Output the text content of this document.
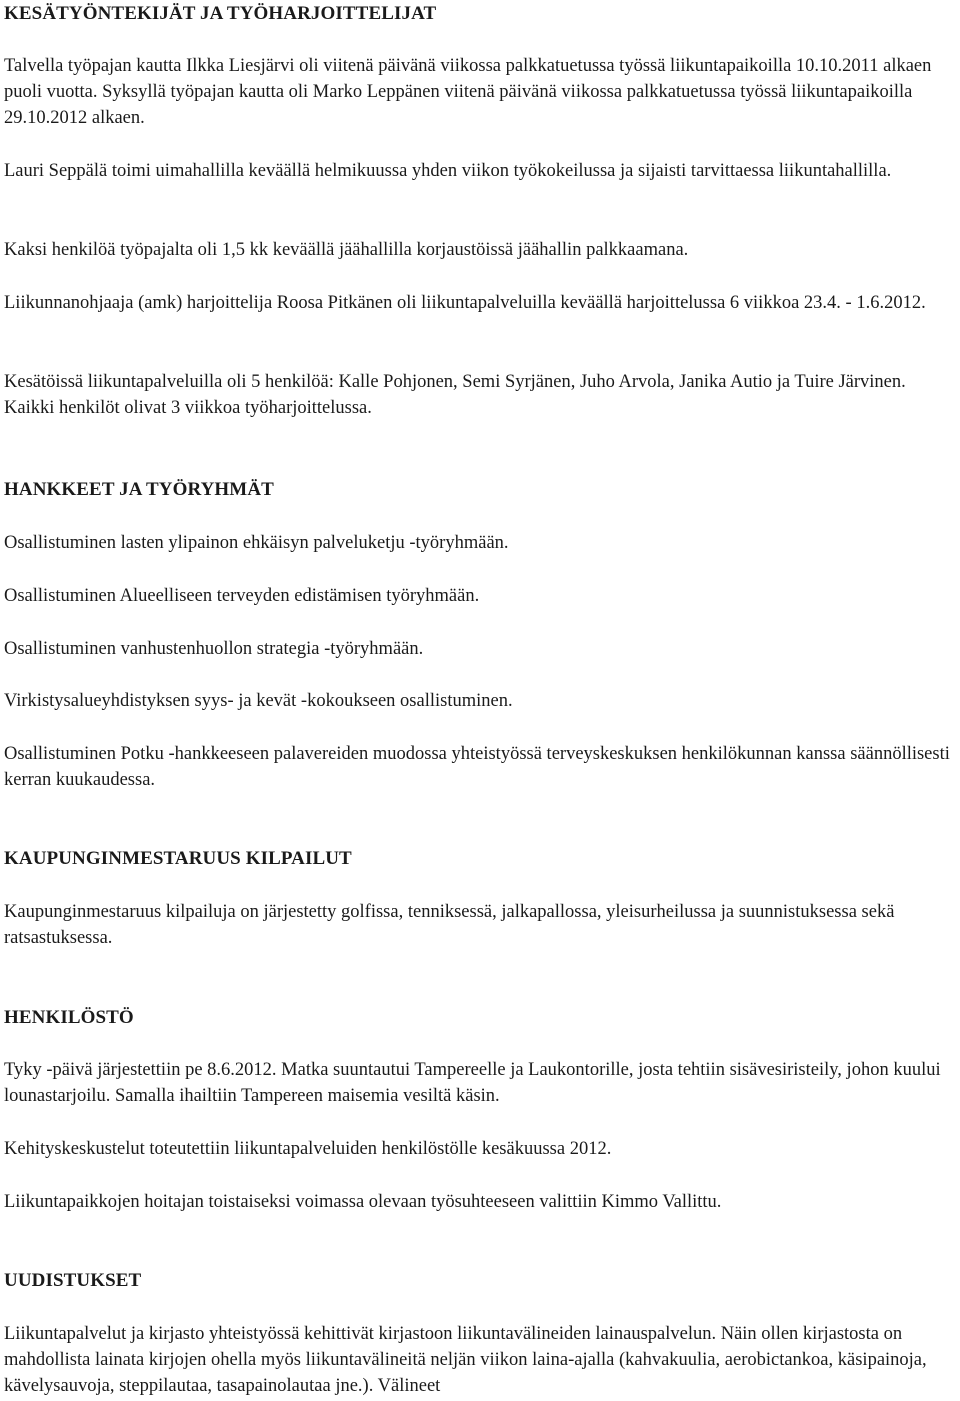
KESÄTYÖNTEKIJÄT JA TYÖHARJOITTELIJAT

Talvella työpajan kautta Ilkka Liesjärvi oli viitenä päivänä viikossa palkkatuetussa työssä liikuntapaikoilla 10.10.2011 alkaen puoli vuotta. Syksyllä työpajan kautta oli Marko Leppänen viitenä päivänä viikossa palkkatuetussa työssä liikuntapaikoilla 29.10.2012 alkaen.

Lauri Seppälä toimi uimahallilla keväällä helmikuussa yhden viikon työkokeilussa ja sijaisti tarvittaessa liikuntahallilla.

Kaksi henkilöä työpajalta oli 1,5 kk keväällä jäähallilla korjaustöissä jäähallin palkkaamana.

Liikunnanohjaaja (amk) harjoittelija Roosa Pitkänen oli liikuntapalveluilla keväällä harjoittelussa 6 viikkoa 23.4. - 1.6.2012.

Kesätöissä liikuntapalveluilla oli 5 henkilöä: Kalle Pohjonen, Semi Syrjänen, Juho Arvola, Janika Autio ja Tuire Järvinen. Kaikki henkilöt olivat 3 viikkoa työharjoittelussa.

HANKKEET JA TYÖRYHMÄT

Osallistuminen lasten ylipainon ehkäisyn palveluketju -työryhmään.

Osallistuminen Alueelliseen terveyden edistämisen työryhmään.

Osallistuminen vanhustenhuollon strategia -työryhmään.

Virkistysalueyhdistyksen syys- ja kevät -kokoukseen osallistuminen.

Osallistuminen Potku -hankkeeseen palavereiden muodossa yhteistyössä terveyskeskuksen henkilökunnan kanssa säännöllisesti kerran kuukaudessa.

KAUPUNGINMESTARUUS KILPAILUT

Kaupunginmestaruus kilpailuja on järjestetty golfissa, tenniksessä, jalkapallossa, yleisurheilussa ja suunnistuksessa sekä ratsastuksessa.

HENKILÖSTÖ

Tyky -päivä järjestettiin pe 8.6.2012. Matka suuntautui Tampereelle ja Laukontorille, josta tehtiin sisävesiristeily, johon kuului lounastarjoilu. Samalla ihailtiin Tampereen maisemia vesiltä käsin.

Kehityskeskustelut toteutettiin liikuntapalveluiden henkilöstölle kesäkuussa 2012.

Liikuntapaikkojen hoitajan toistaiseksi voimassa olevaan työsuhteeseen valittiin Kimmo Vallittu.

UUDISTUKSET

Liikuntapalvelut ja kirjasto yhteistyössä kehittivät kirjastoon liikuntavälineiden lainauspalvelun. Näin ollen kirjastosta on mahdollista lainata kirjojen ohella myös liikuntavälineitä neljän viikon laina-ajalla (kahvakuulia, aerobictankoa, käsipainoja, kävelysauvoja, steppilautaa, tasapainolautaa jne.). Välineet
